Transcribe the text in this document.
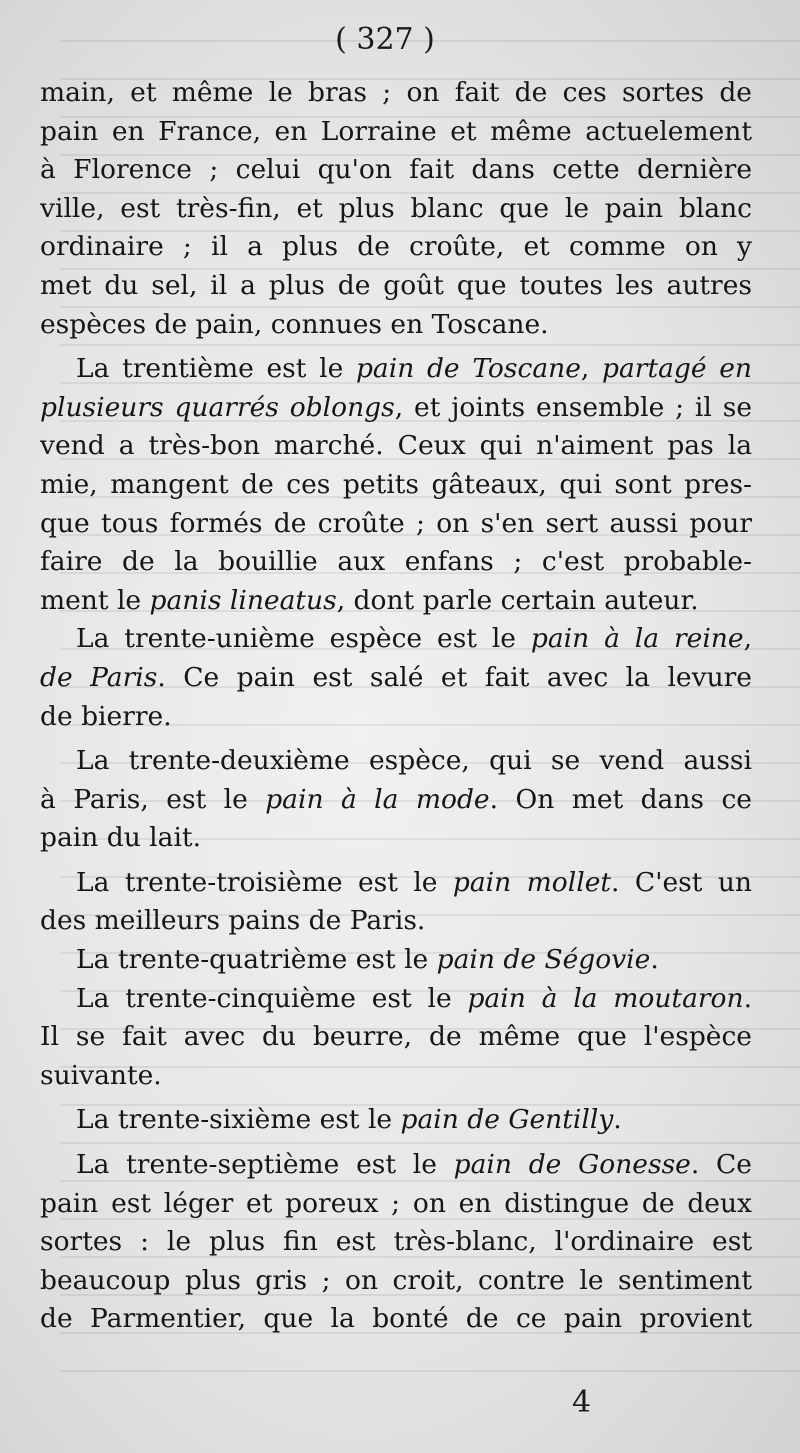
( 327 )
main, et même le bras ; on fait de ces sortes de
pain en France, en Lorraine et même actuelement
à Florence ; celui qu'on fait dans cette dernière
ville, est très-fin, et plus blanc que le pain blanc
ordinaire ; il a plus de croûte, et comme on y
met du sel, il a plus de goût que toutes les autres
espèces de pain, connues en Toscane.
La trentième est le pain de Toscane, partagé en
plusieurs quarrés oblongs, et joints ensemble ; il se
vend a très-bon marché. Ceux qui n'aiment pas la
mie, mangent de ces petits gâteaux, qui sont pres-
que tous formés de croûte ; on s'en sert aussi pour
faire de la bouillie aux enfans ; c'est probable-
ment le panis lineatus, dont parle certain auteur.
La trente-unième espèce est le pain à la reine,
de Paris. Ce pain est salé et fait avec la levure
de bierre.
La trente-deuxième espèce, qui se vend aussi
à Paris, est le pain à la mode. On met dans ce
pain du lait.
La trente-troisième est le pain mollet. C'est un
des meilleurs pains de Paris.
La trente-quatrième est le pain de Ségovie.
La trente-cinquième est le pain à la moutaron.
Il se fait avec du beurre, de même que l'espèce
suivante.
La trente-sixième est le pain de Gentilly.
La trente-septième est le pain de Gonesse. Ce
pain est léger et poreux ; on en distingue de deux
sortes : le plus fin est très-blanc, l'ordinaire est
beaucoup plus gris ; on croit, contre le sentiment
de Parmentier, que la bonté de ce pain provient
4
